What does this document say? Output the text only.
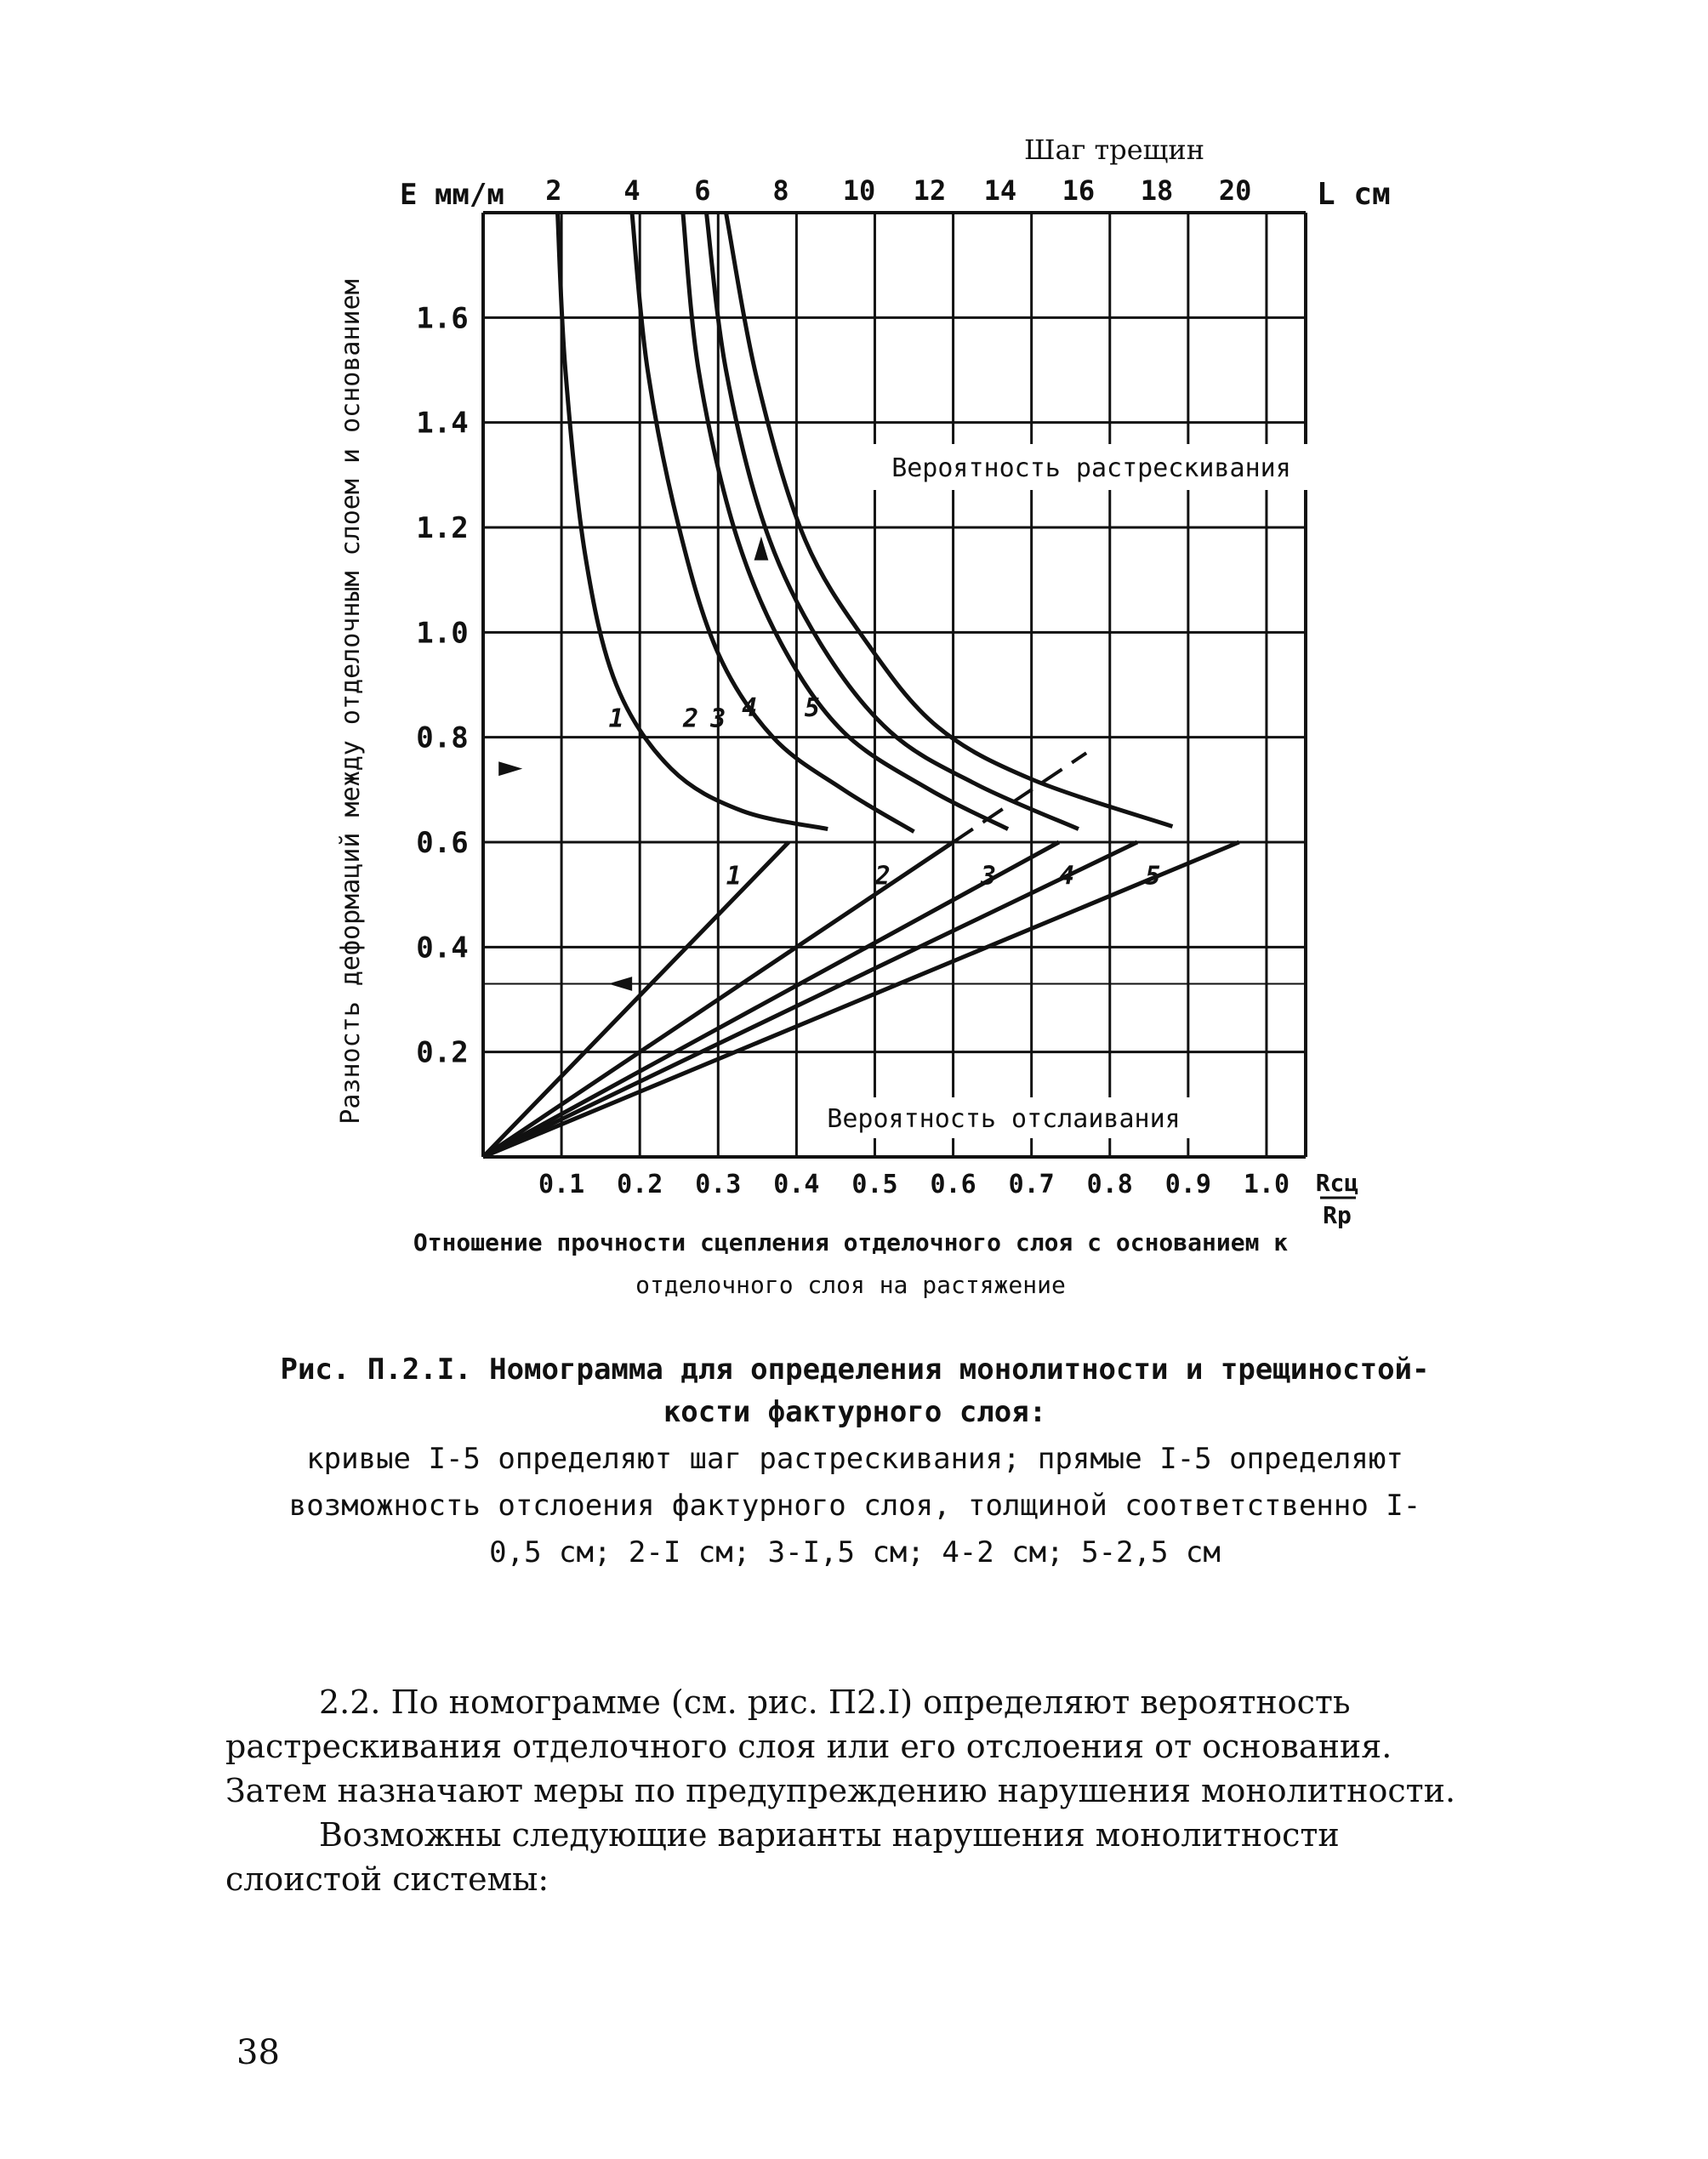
2 4 6 8 10 12 14 16 18 20
Шаг трещин
L см
0.2
0.4
0.6
0.8
1.0
1.2
1.4
1.6
E мм/м
Разность деформаций между отделочным слоем и основанием
0.1 0.2 0.3 0.4 0.5 0.6 0.7 0.8 0.9 1.0 Rсц
Rр
Отношение прочности сцепления отделочного слоя с основанием к
отделочного слоя на растяжение
Вероятность растрескивания
Вероятность отслаивания
1 2 3 4 5
1	2	3 4	5
Рис. П.2.I. Номограмма для определения монолитности и трещиностой-
кости фактурного слоя:
кривые I-5 определяют шаг растрескивания; прямые I-5 определяют
возможность отслоения фактурного слоя, толщиной соответственно I-
0,5 см; 2-I см; 3-I,5 см; 4-2 см; 5-2,5 см

2.2. По номограмме (см. рис. П2.I) определяют вероятность растрескивания отделочного слоя или его отслоения от основания. Затем назначают меры по предупреждению нарушения монолитности.

Возможны следующие варианты нарушения монолитности слоистой системы:

38
